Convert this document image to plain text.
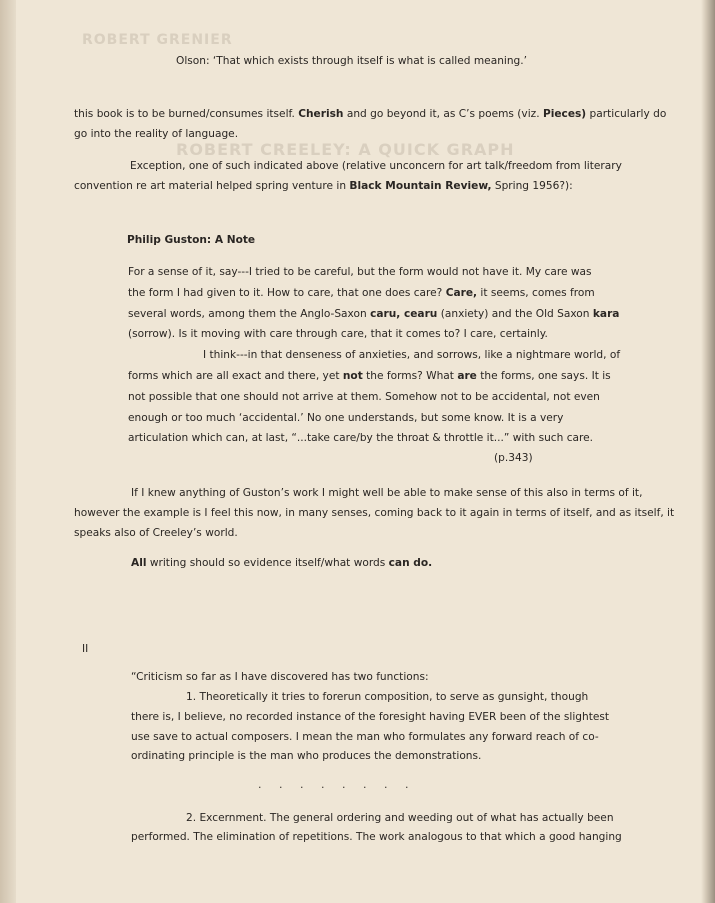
ROBERT GRENIER
ROBERT CREELEY: A QUICK GRAPH
Olson: ‘That which exists through itself is what is called meaning.’
this book is to be burned/consumes itself. Cherish and go beyond it, as C’s poems (viz. Pieces) particularly do
go into the reality of language.
Exception, one of such indicated above (relative unconcern for art talk/freedom from literary
convention re art material helped spring venture in Black Mountain Review, Spring 1956?):
Philip Guston: A Note
For a sense of it, say---I tried to be careful, but the form would not have it. My care was
the form I had given to it. How to care, that one does care? Care, it seems, comes from
several words, among them the Anglo-Saxon caru, cearu (anxiety) and the Old Saxon kara
(sorrow). Is it moving with care through care, that it comes to? I care, certainly.
I think---in that denseness of anxieties, and sorrows, like a nightmare world, of
forms which are all exact and there, yet not the forms? What are the forms, one says. It is
not possible that one should not arrive at them. Somehow not to be accidental, not even
enough or too much ‘accidental.’ No one understands, but some know. It is a very
articulation which can, at last, “...take care/by the throat & throttle it...” with such care.
(p.343)
If I knew anything of Guston’s work I might well be able to make sense of this also in terms of it,
however the example is I feel this now, in many senses, coming back to it again in terms of itself, and as itself, it
speaks also of Creeley’s world.
All writing should so evidence itself/what words can do.
II
“Criticism so far as I have discovered has two functions:
1. Theoretically it tries to forerun composition, to serve as gunsight, though
there is, I believe, no recorded instance of the foresight having EVER been of the slightest
use save to actual composers. I mean the man who formulates any forward reach of co-
ordinating principle is the man who produces the demonstrations.
. . . . . . . .
2. Excernment. The general ordering and weeding out of what has actually been
performed. The elimination of repetitions. The work analogous to that which a good hanging
